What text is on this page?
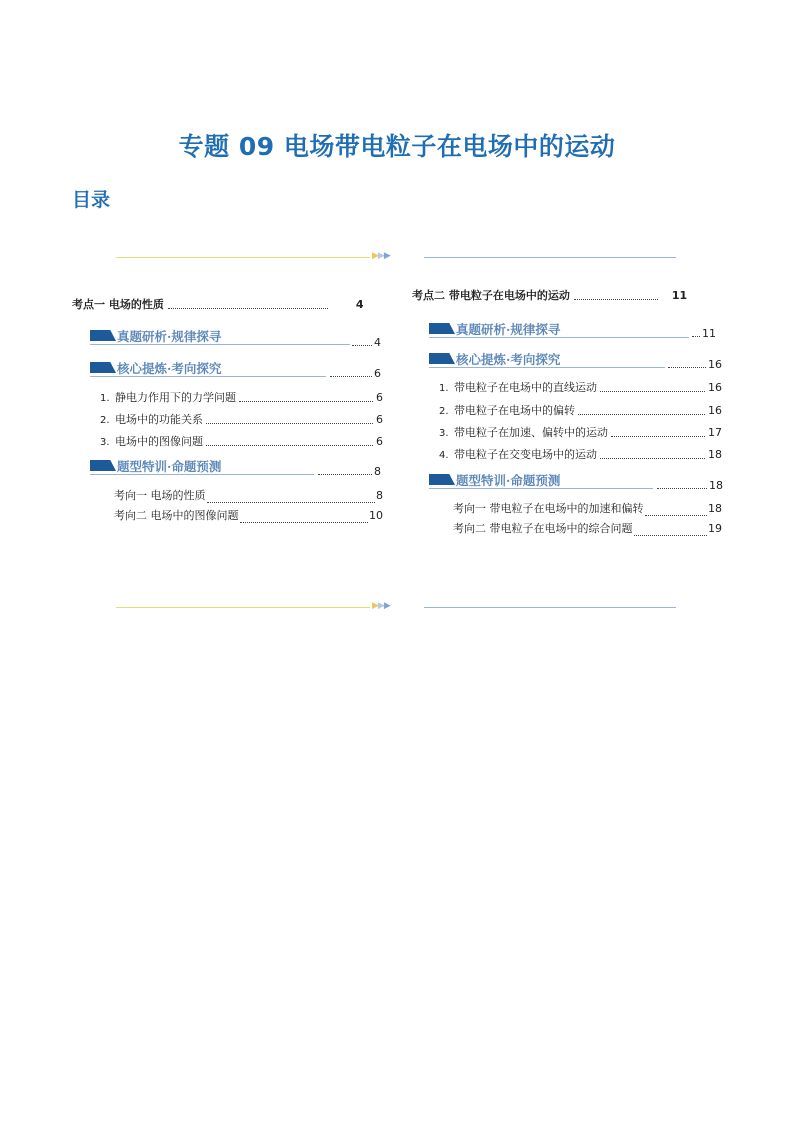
专题 09 电场带电粒子在电场中的运动
目录
▶▶▶
考点一 电场的性质	4
真题研析·规律探寻	4
核心提炼·考向探究	6
1. 静电力作用下的力学问题	6
2. 电场中的功能关系	6
3. 电场中的图像问题	6
题型特训·命题预测	8
考向一 电场的性质	8
考向二 电场中的图像问题	10
考点二 带电粒子在电场中的运动	11
真题研析·规律探寻	11
核心提炼·考向探究	16
1. 带电粒子在电场中的直线运动	16
2. 带电粒子在电场中的偏转	16
3. 带电粒子在加速、偏转中的运动	17
4. 带电粒子在交变电场中的运动	18
题型特训·命题预测	18
考向一 带电粒子在电场中的加速和偏转	18
考向二 带电粒子在电场中的综合问题	19
▶▶▶
